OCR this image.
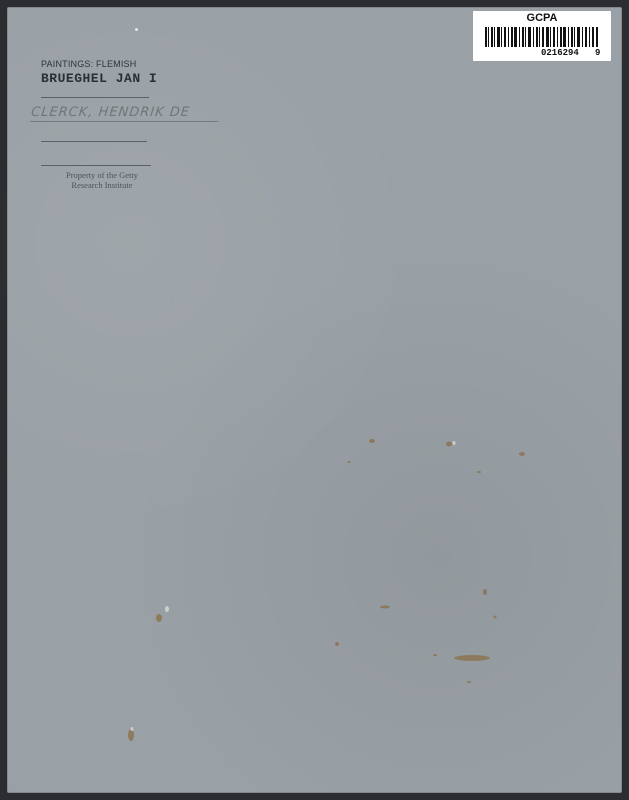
PAINTINGS: FLEMISH
BRUEGHEL JAN I
CLERCK, HENDRIK DE
Property of the Getty
Research Institute
GCPA
0216294 9
